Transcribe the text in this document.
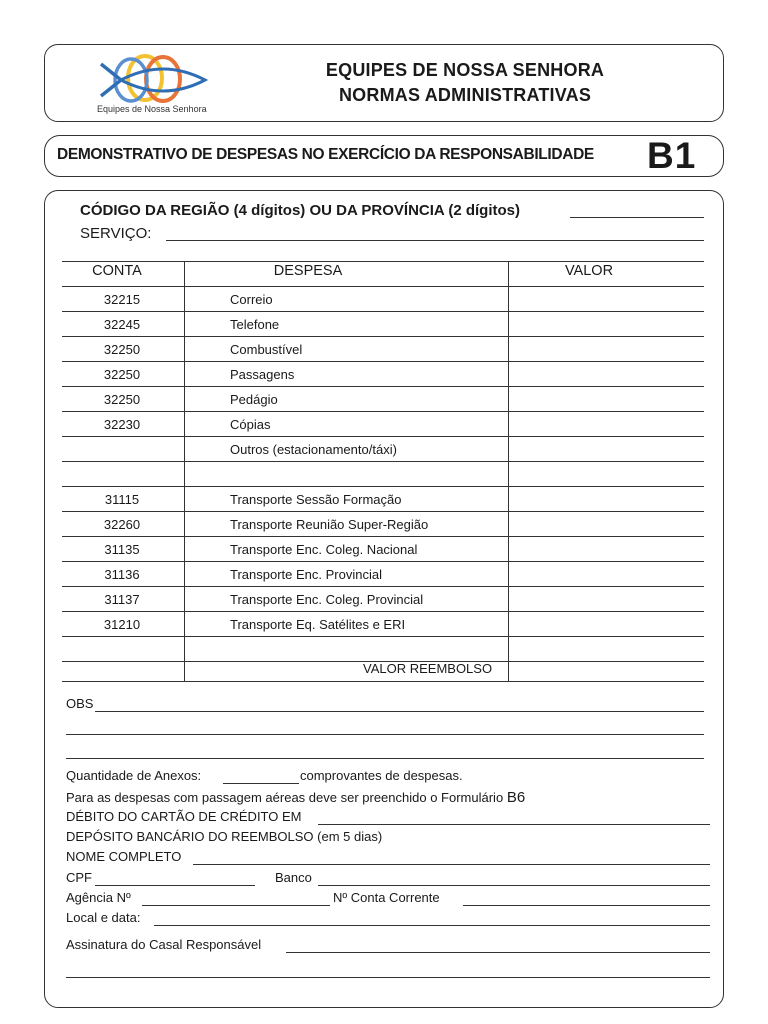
Equipes de Nossa Senhora
EQUIPES DE NOSSA SENHORA
NORMAS ADMINISTRATIVAS
DEMONSTRATIVO DE DESPESAS NO EXERCÍCIO DA RESPONSABILIDADE B1
CÓDIGO DA REGIÃO (4 dígitos) OU DA PROVÍNCIA (2 dígitos)
SERVIÇO:
CONTA	DESPESA	VALOR
32215	Correio
32245	Telefone
32250	Combustível
32250	Passagens
32250	Pedágio
32230	Cópias
Outros (estacionamento/táxi)
31115	Transporte Sessão Formação
32260	Transporte Reunião Super-Região
31135	Transporte Enc. Coleg. Nacional
31136	Transporte Enc. Provincial
31137	Transporte Enc. Coleg. Provincial
31210	Transporte Eq. Satélites e ERI
VALOR REEMBOLSO
OBS
Quantidade de Anexos:	comprovantes de despesas.
Para as despesas com passagem aéreas deve ser preenchido o Formulário B6
DÉBITO DO CARTÃO DE CRÉDITO EM
DEPÓSITO BANCÁRIO DO REEMBOLSO (em 5 dias)
NOME COMPLETO
CPF	Banco
Agência Nº	Nº Conta Corrente
Local e data:
Assinatura do Casal Responsável
